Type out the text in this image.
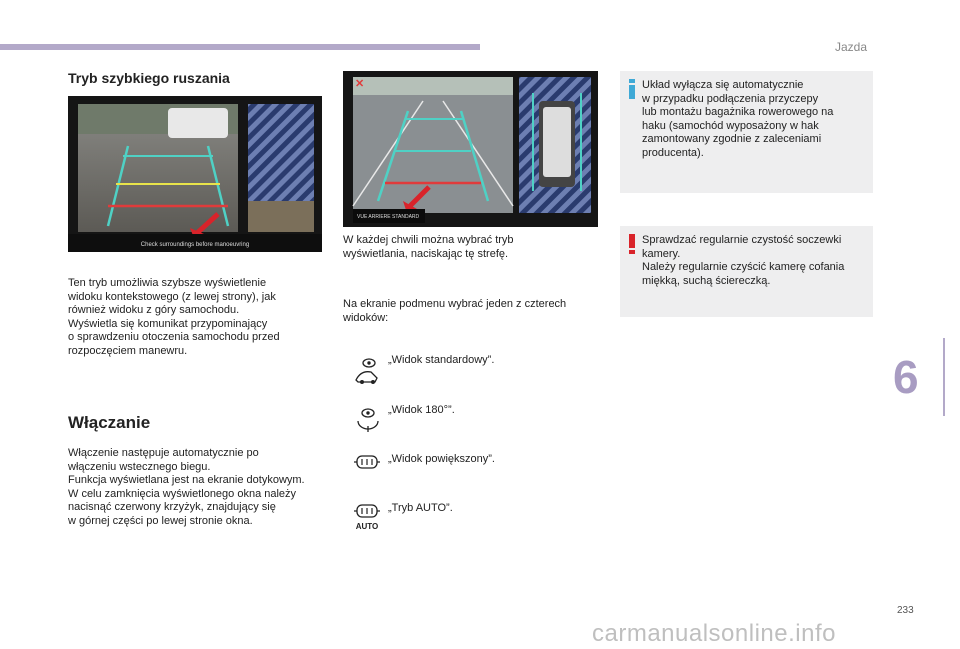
Jazda
6
Tryb szybkiego ruszania
Check surroundings before manoeuvring
Ten tryb umożliwia szybsze wyświetlenie
widoku kontekstowego (z lewej strony), jak
również widoku z góry samochodu.
Wyświetla się komunikat przypominający
o sprawdzeniu otoczenia samochodu przed
rozpoczęciem manewru.
Włączanie
Włączenie następuje automatycznie po
włączeniu wstecznego biegu.
Funkcja wyświetlana jest na ekranie dotykowym.
W celu zamknięcia wyświetlonego okna należy
nacisnąć czerwony krzyżyk, znajdujący się
w górnej części po lewej stronie okna.
✕
VUE ARRIERE STANDARD
W każdej chwili można wybrać tryb
wyświetlania, naciskając tę strefę.
Na ekranie podmenu wybrać jeden z czterech
widoków:
„Widok standardowy”.
„Widok 180°”.
„Widok powiększony”.
AUTO
„Tryb AUTO”.
Układ wyłącza się automatycznie
w przypadku podłączenia przyczepy
lub montażu bagażnika rowerowego na
haku (samochód wyposażony w hak
zamontowany zgodnie z zaleceniami
producenta).
Sprawdzać regularnie czystość soczewki
kamery.
Należy regularnie czyścić kamerę cofania
miękką, suchą ściereczką.
233
carmanualsonline.info
